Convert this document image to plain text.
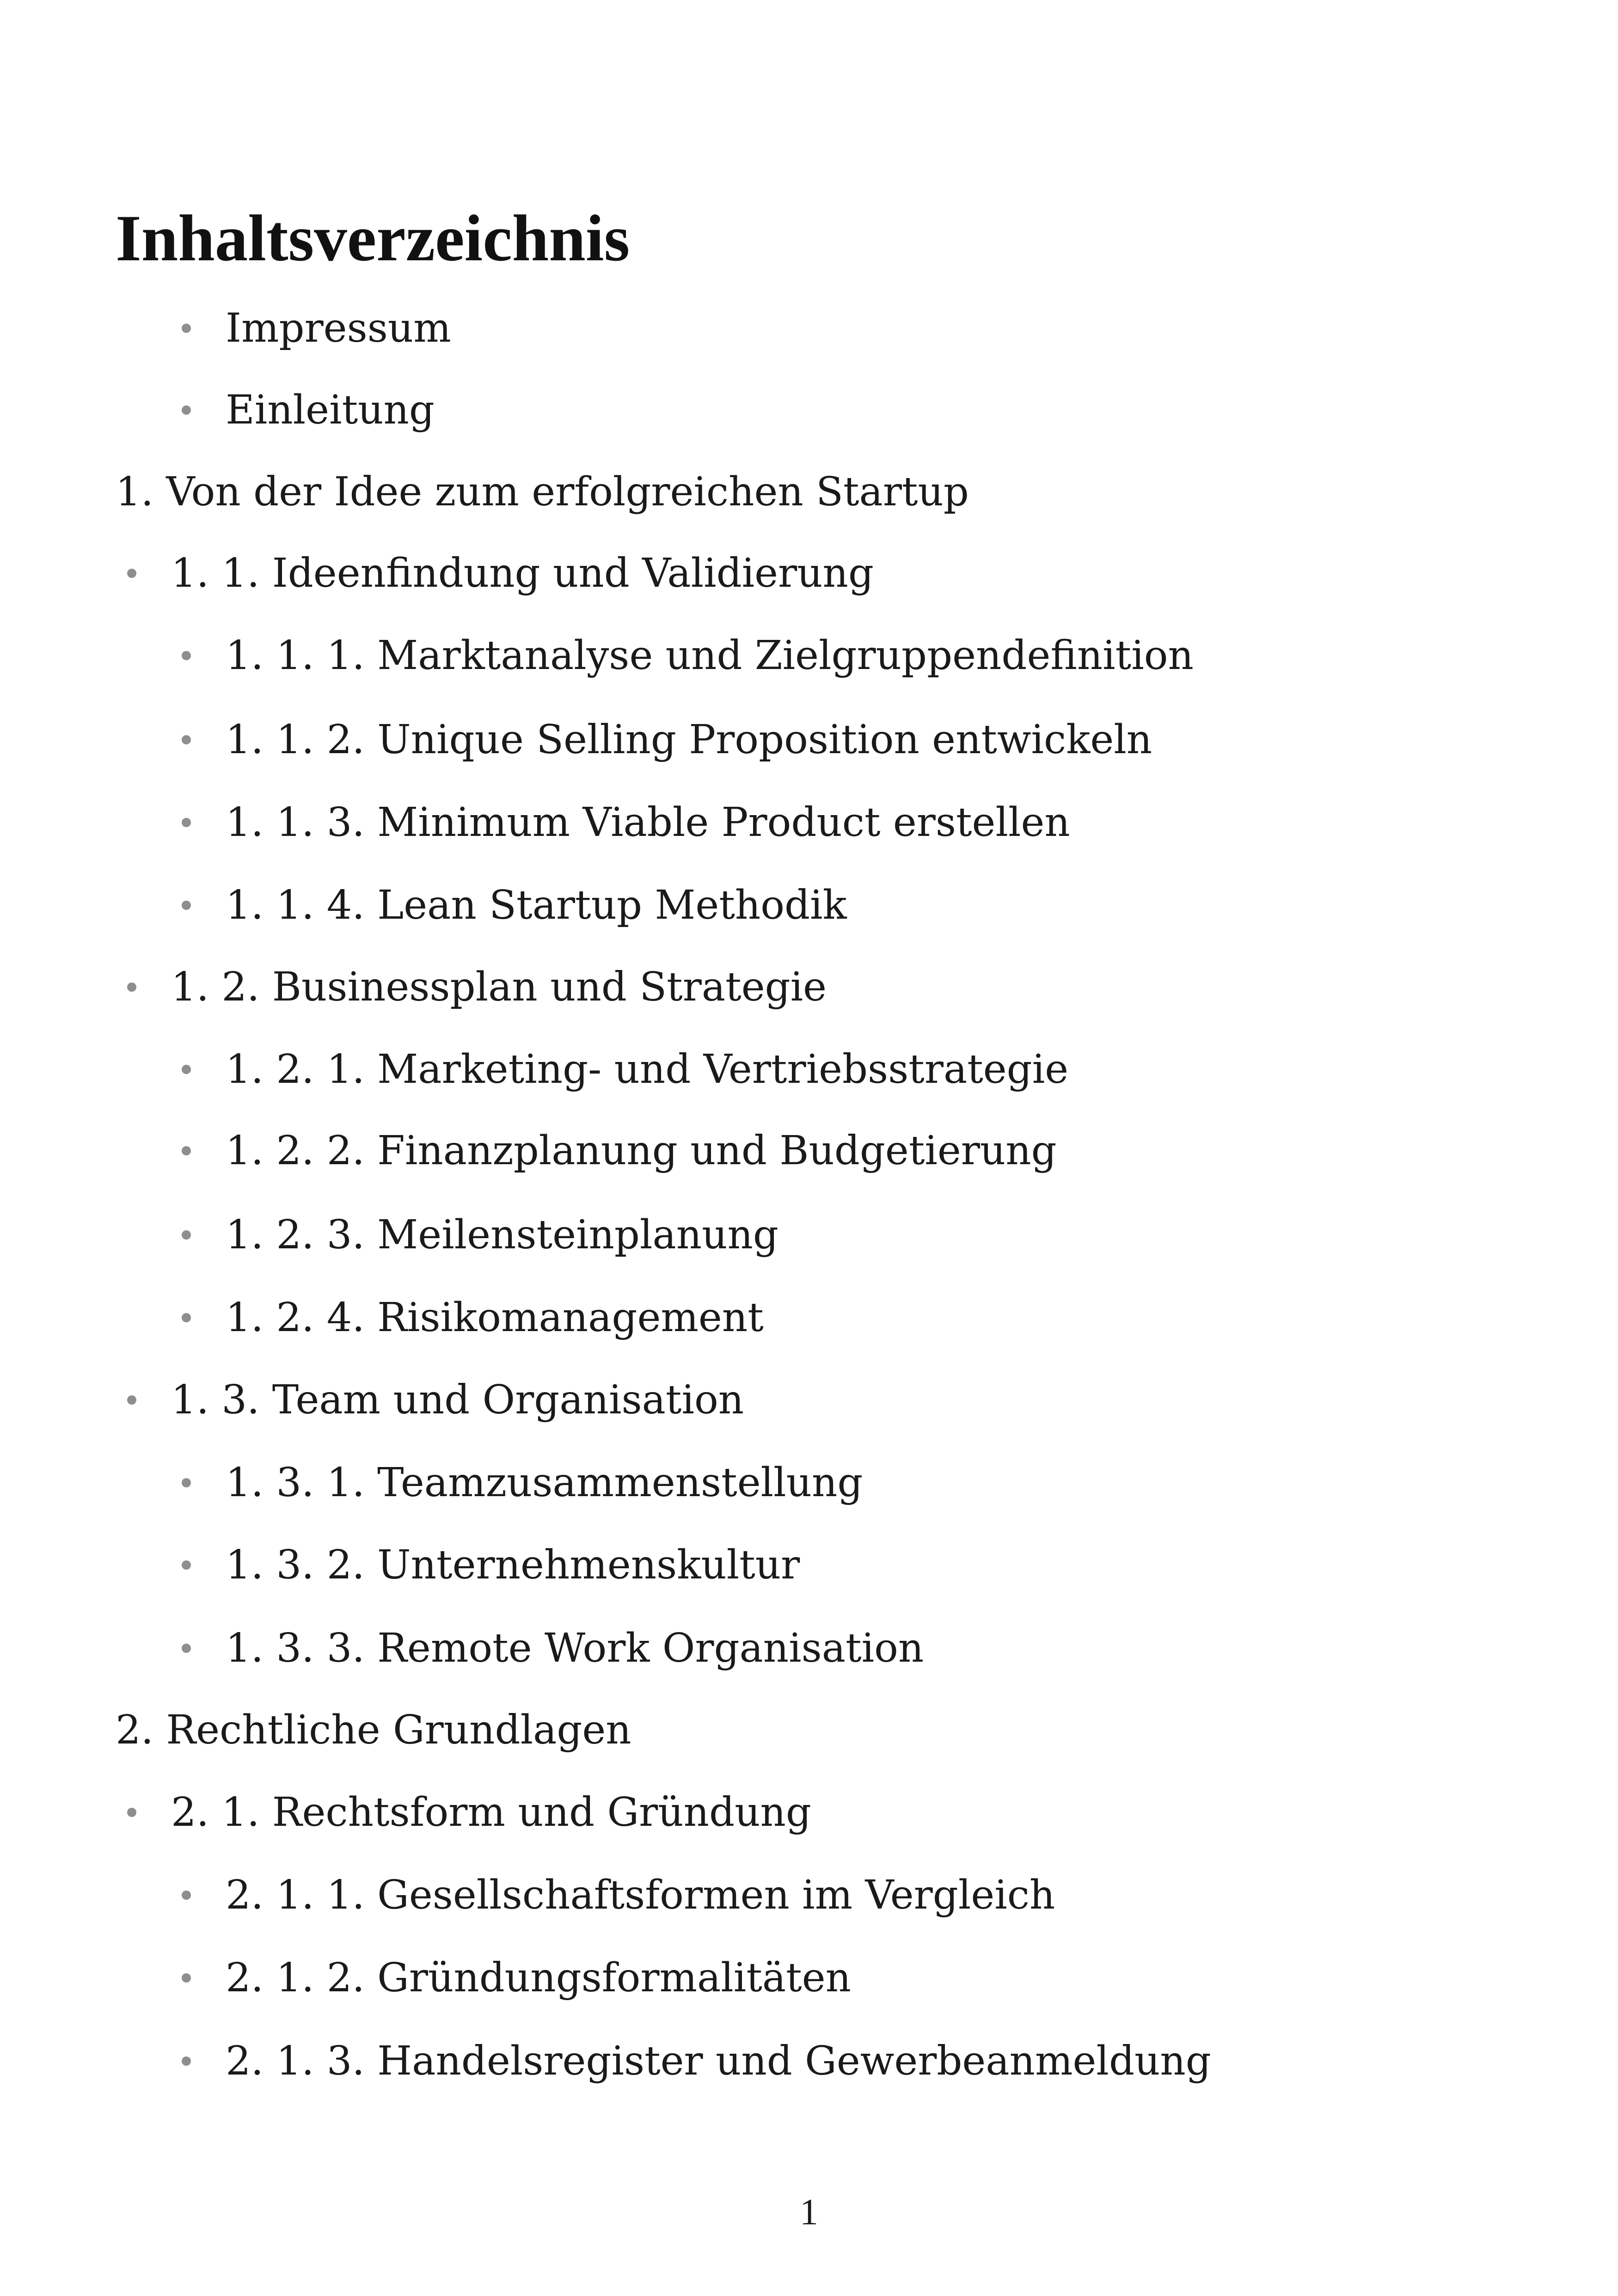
Inhaltsverzeichnis
Impressum
Einleitung
1. Von der Idee zum erfolgreichen Startup
1. 1. Ideenfindung und Validierung
1. 1. 1. Marktanalyse und Zielgruppendefinition
1. 1. 2. Unique Selling Proposition entwickeln
1. 1. 3. Minimum Viable Product erstellen
1. 1. 4. Lean Startup Methodik
1. 2. Businessplan und Strategie
1. 2. 1. Marketing- und Vertriebsstrategie
1. 2. 2. Finanzplanung und Budgetierung
1. 2. 3. Meilensteinplanung
1. 2. 4. Risikomanagement
1. 3. Team und Organisation
1. 3. 1. Teamzusammenstellung
1. 3. 2. Unternehmenskultur
1. 3. 3. Remote Work Organisation
2. Rechtliche Grundlagen
2. 1. Rechtsform und Gründung
2. 1. 1. Gesellschaftsformen im Vergleich
2. 1. 2. Gründungsformalitäten
2. 1. 3. Handelsregister und Gewerbeanmeldung
1
